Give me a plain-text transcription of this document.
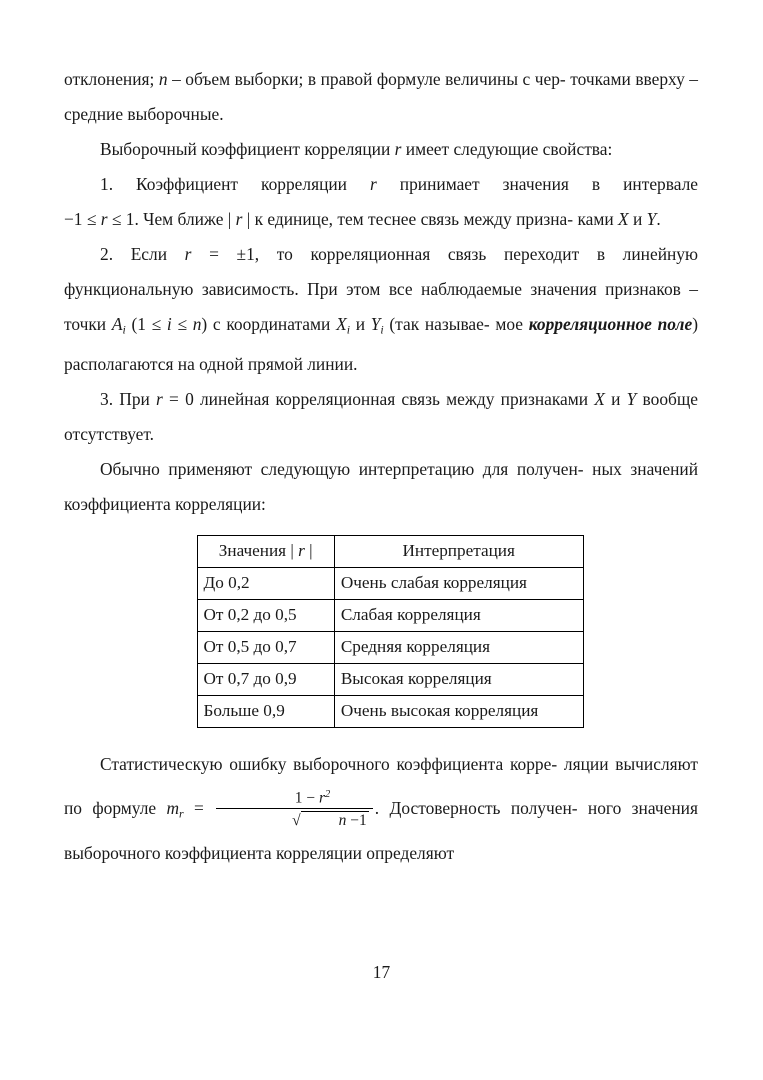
отклонения; n – объем выборки; в правой формуле величины с чер- точками вверху – средние выборочные.

Выборочный коэффициент корреляции r имеет следующие свойства:

1. Коэффициент корреляции r принимает значения в интервале −1 ≤ r ≤ 1. Чем ближе | r | к единице, тем теснее связь между призна- ками X и Y.

2. Если r = ±1, то корреляционная связь переходит в линейную функциональную зависимость. При этом все наблюдаемые значения признаков – точки $A_i$ (1 ≤ i ≤ n) с координатами $X_i$ и $Y_i$ (так называе- мое корреляционное поле) располагаются на одной прямой линии.

3. При r = 0 линейная корреляционная связь между признаками X и Y вообще отсутствует.

Обычно применяют следующую интерпретацию для получен- ных значений коэффициента корреляции:

Значения | r |	Интерпретация
До 0,2	Очень слабая корреляция
От 0,2 до 0,5	Слабая корреляция
От 0,5 до 0,7	Средняя корреляция
От 0,7 до 0,9	Высокая корреляция
Больше 0,9	Очень высокая корреляция

Статистическую ошибку выборочного коэффициента корре- ляции вычисляют по формуле $m_r = \frac{1 - r^2}{√ n -1}$ . Достоверность получен- ного значения выборочного коэффициента корреляции определяют

17
